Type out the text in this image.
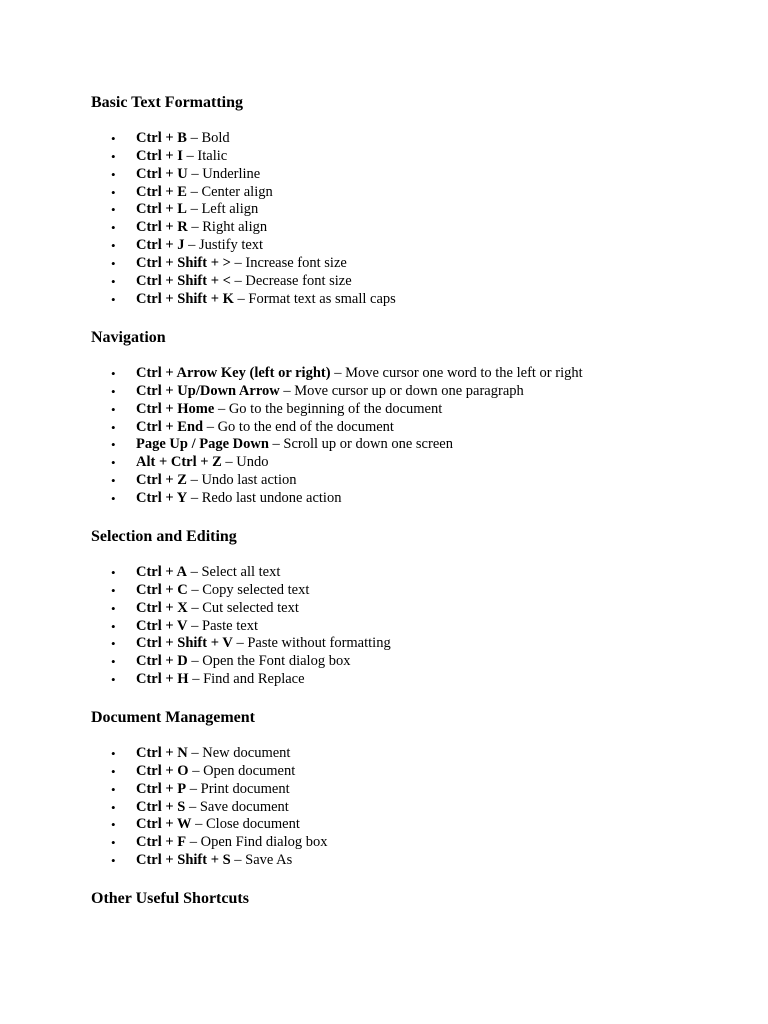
Basic Text Formatting
• Ctrl + B – Bold
• Ctrl + I – Italic
• Ctrl + U – Underline
• Ctrl + E – Center align
• Ctrl + L – Left align
• Ctrl + R – Right align
• Ctrl + J – Justify text
• Ctrl + Shift + > – Increase font size
• Ctrl + Shift + < – Decrease font size
• Ctrl + Shift + K – Format text as small caps
Navigation
• Ctrl + Arrow Key (left or right) – Move cursor one word to the left or right
• Ctrl + Up/Down Arrow – Move cursor up or down one paragraph
• Ctrl + Home – Go to the beginning of the document
• Ctrl + End – Go to the end of the document
• Page Up / Page Down – Scroll up or down one screen
• Alt + Ctrl + Z – Undo
• Ctrl + Z – Undo last action
• Ctrl + Y – Redo last undone action
Selection and Editing
• Ctrl + A – Select all text
• Ctrl + C – Copy selected text
• Ctrl + X – Cut selected text
• Ctrl + V – Paste text
• Ctrl + Shift + V – Paste without formatting
• Ctrl + D – Open the Font dialog box
• Ctrl + H – Find and Replace
Document Management
• Ctrl + N – New document
• Ctrl + O – Open document
• Ctrl + P – Print document
• Ctrl + S – Save document
• Ctrl + W – Close document
• Ctrl + F – Open Find dialog box
• Ctrl + Shift + S – Save As
Other Useful Shortcuts
